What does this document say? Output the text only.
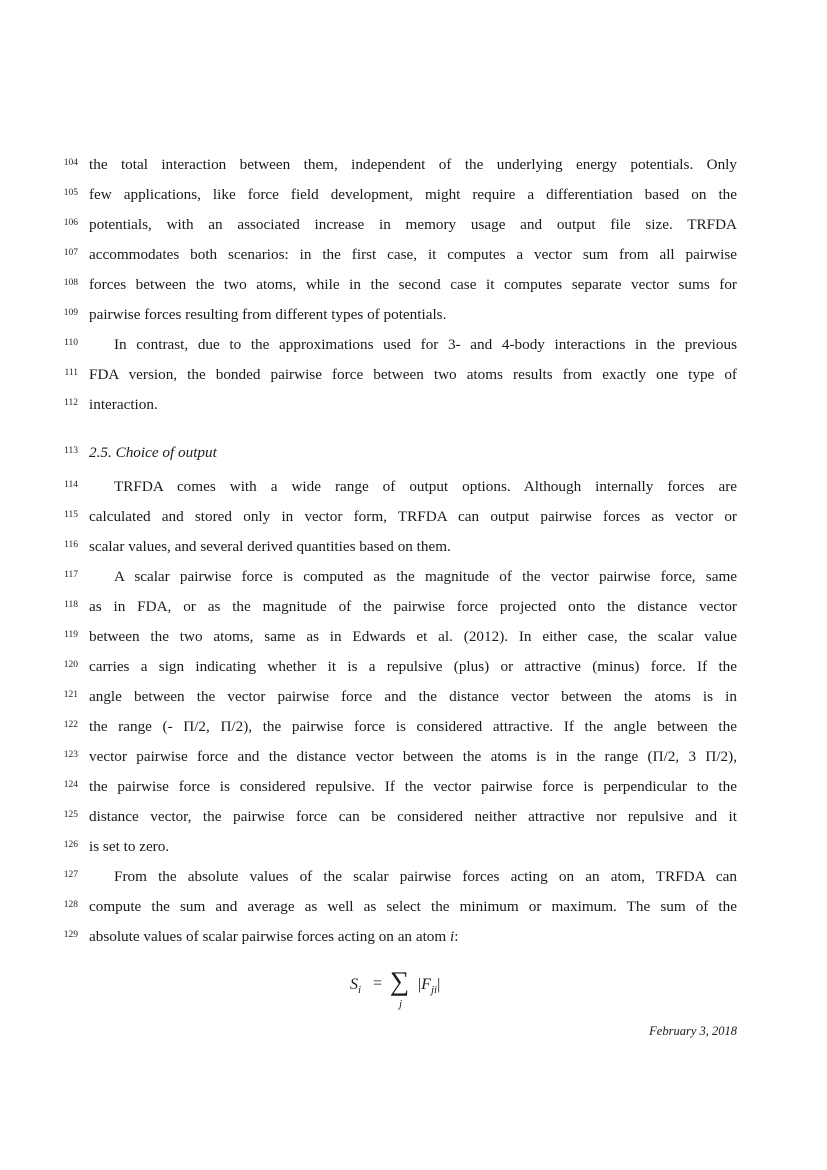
104
105
106
107
108
109
110
111
112
113
114
115
116
117
118
119
120
121
122
123
124
125
126
127
128
129
the total interaction between them, independent of the underlying energy potentials. Only
few applications, like force field development, might require a differentiation based on the
potentials, with an associated increase in memory usage and output file size. TRFDA
accommodates both scenarios: in the first case, it computes a vector sum from all pairwise
forces between the two atoms, while in the second case it computes separate vector sums for
pairwise forces resulting from different types of potentials.
In contrast, due to the approximations used for 3- and 4-body interactions in the previous
FDA version, the bonded pairwise force between two atoms results from exactly one type of
interaction.
2.5. Choice of output
TRFDA comes with a wide range of output options. Although internally forces are
calculated and stored only in vector form, TRFDA can output pairwise forces as vector or
scalar values, and several derived quantities based on them.
A scalar pairwise force is computed as the magnitude of the vector pairwise force, same
as in FDA, or as the magnitude of the pairwise force projected onto the distance vector
between the two atoms, same as in Edwards et al. (2012). In either case, the scalar value
carries a sign indicating whether it is a repulsive (plus) or attractive (minus) force. If the
angle between the vector pairwise force and the distance vector between the atoms is in
the range (- Π/2, Π/2), the pairwise force is considered attractive. If the angle between the
vector pairwise force and the distance vector between the atoms is in the range (Π/2, 3 Π/2),
the pairwise force is considered repulsive. If the vector pairwise force is perpendicular to the
distance vector, the pairwise force can be considered neither attractive nor repulsive and it
is set to zero.
From the absolute values of the scalar pairwise forces acting on an atom, TRFDA can
compute the sum and average as well as select the minimum or maximum. The sum of the
absolute values of scalar pairwise forces acting on an atom i:
$S_i$ = ∑
j
$|F_{ji}|$
February 3, 2018
